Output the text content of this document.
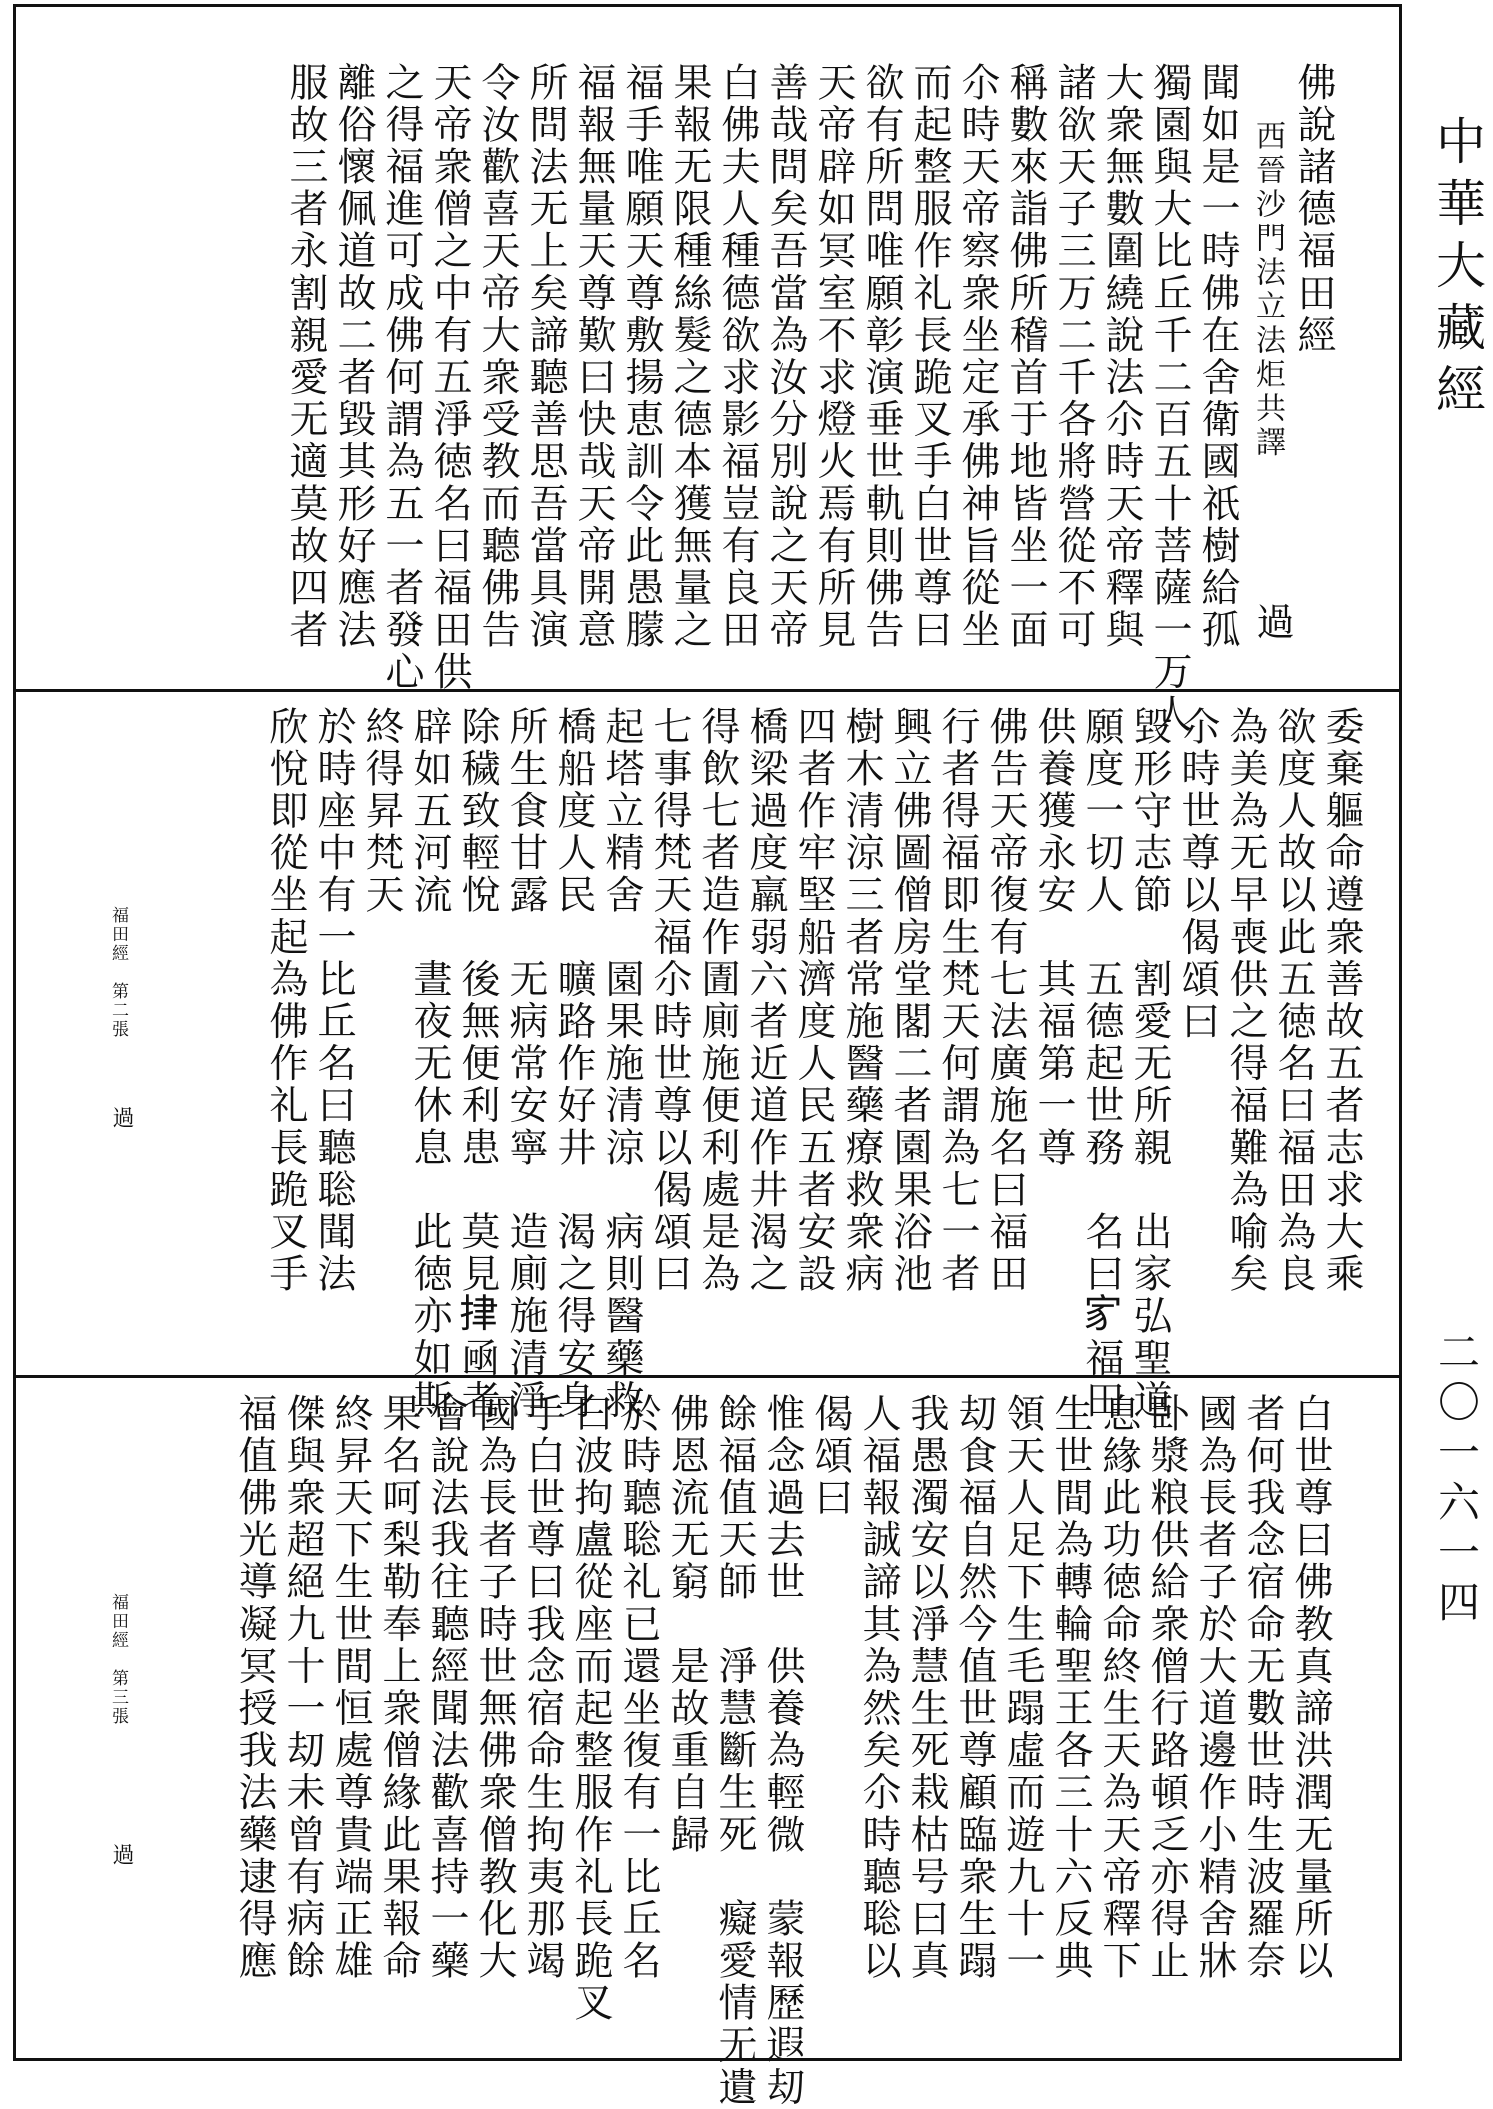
佛說諸德福田經
聞如是一時佛在舍衛國祇樹給孤
獨園與大比丘千二百五十菩薩一万人
大衆無數圍繞說法尒時天帝釋與
諸欲天子三万二千各將營從不可
稱數來詣佛所稽首于地皆坐一面
尒時天帝察衆坐定承佛神旨從坐
而起整服作礼長跪叉手白世尊曰
欲有所問唯願彰演垂世軌則佛告
天帝辟如冥室不求燈火焉有所見
善哉問矣吾當為汝分別說之天帝
白佛夫人種德欲求影福豈有良田
果報无限種絲髮之德本獲無量之
福手唯願天尊敷揚恵訓令此愚朦
福報無量天尊歎曰快哉天帝開意
所問法无上矣諦聽善思吾當具演
令汝歡喜天帝大衆受教而聽佛告
天帝衆僧之中有五淨徳名曰福田供
之得福進可成佛何謂為五一者發心
離俗懷佩道故二者毀其形好應法
服故三者永割親愛无適莫故四者	西晉沙門法立法炬共譯
過
委棄軀命遵衆善故五者志求大乘
欲度人故以此五徳名曰福田為良
為美為无早喪供之得福難為喻矣
尒時世尊以偈頌曰
毀形守志節　割愛无所親　出家弘聖道
願度一切人　五德起世務　名曰𡧘福田
供養獲永安　其福第一尊
佛告天帝復有七法廣施名曰福田
行者得福即生梵天何謂為七一者
興立佛圖僧房堂閣二者園果浴池
樹木清涼三者常施醫藥療救衆病
四者作牢堅船濟度人民五者安設
橋梁過度羸弱六者近道作井渴之
得飲七者造作圊廁施便利處是為
七事得梵天福尒時世尊以偈頌曰
起塔立精舍　園果施清涼　病則醫藥救
橋船度人民　曠路作好井　渴之得安身
所生食甘露　无病常安寧　造廁施清淨
除穢致輕悅　後無便利患　莫見𢫫凾者
辟如五河流　晝夜无休息　此徳亦如斯
終得昇梵天
於時座中有一比丘名曰聽聡聞法
欣悅即從坐起為佛作礼長跪叉手
福田經　第二張
過
白世尊曰佛教真諦洪潤无量所以
者何我念宿命无數世時生波羅奈
國為長者子於大道邊作小精舍牀
卧漿粮供給衆僧行路頓乏亦得止
息緣此功徳命終生天為天帝釋下
生世間為轉輪聖王各三十六反典
領天人足下生毛蹋虛而遊九十一
刧食福自然今值世尊顧臨衆生蹋
我愚濁安以淨慧生死栽枯号曰真
人福報誠諦其為然矣尒時聽聡以
偈頌曰
惟念過去世　供養為輕微　蒙報歷遐刧
餘福值天師　淨慧斷生死　癡愛情无遺
佛恩流无窮　是故重自歸
於時聽聡礼已還坐復有一比丘名
曰波拘盧從座而起整服作礼長跪叉
手白世尊曰我念宿命生拘夷那竭
國為長者子時世無佛衆僧教化大
會說法我往聽經聞法歡喜持一藥
果名呵梨勒奉上衆僧緣此果報命
終昇天下生世間恒處尊貴端正雄
傑與衆超絕九十一刧未曾有病餘
福值佛光導凝冥授我法藥逮得應
福田經　第三張
過
中華大藏經
二〇一六一四
